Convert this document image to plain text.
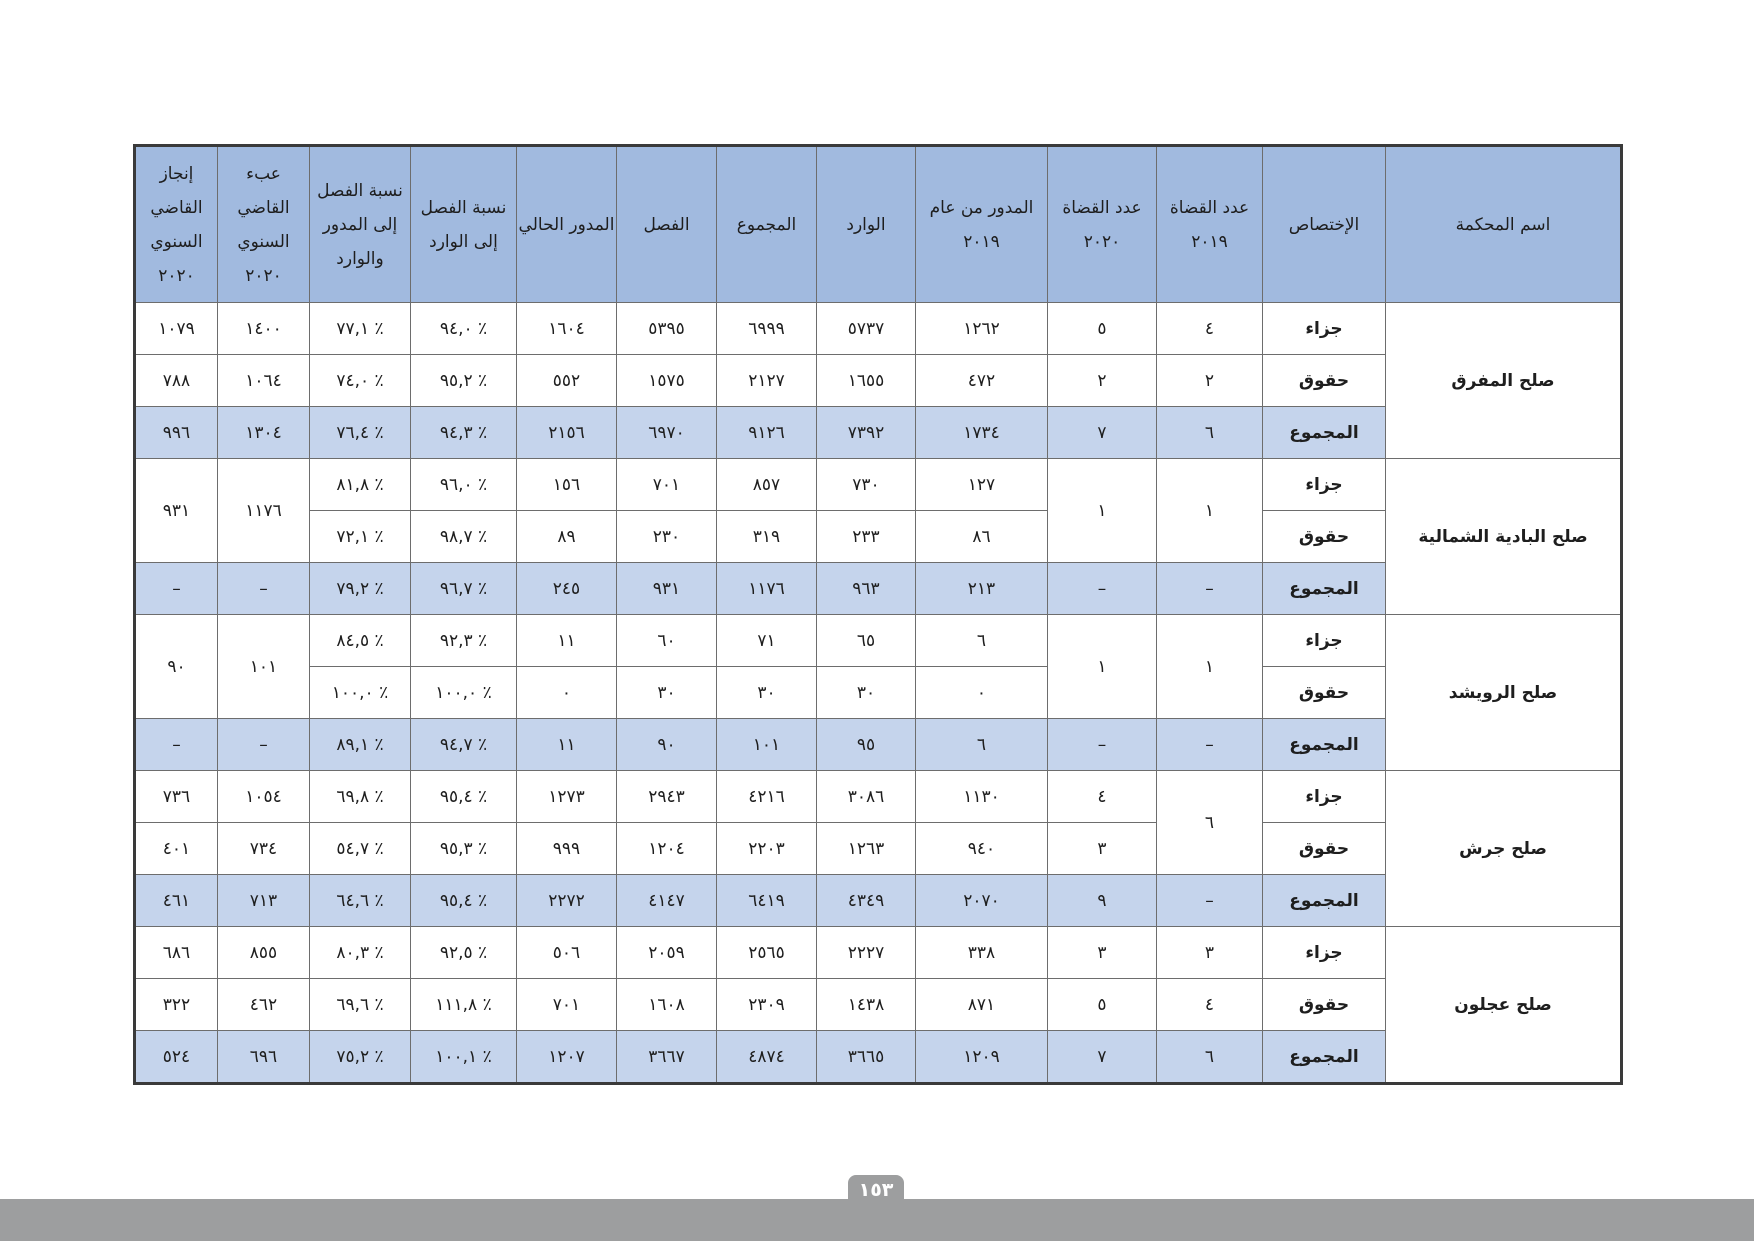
اسم المحكمة	الإختصاص	عدد القضاة ٢٠١٩	عدد القضاة ٢٠٢٠	المدور من عام ٢٠١٩	الوارد	المجموع	الفصل	المدور الحالي	نسبة الفصل إلى الوارد	نسبة الفصل إلى المدور والوارد	عبء القاضي السنوي ٢٠٢٠	إنجاز القاضي السنوي ٢٠٢٠
صلح المفرق	جزاء	٤	٥	١٢٦٢	٥٧٣٧	٦٩٩٩	٥٣٩٥	١٦٠٤	٪ ٩٤,٠	٪ ٧٧,١	١٤٠٠	١٠٧٩
	حقوق	٢	٢	٤٧٢	١٦٥٥	٢١٢٧	١٥٧٥	٥٥٢	٪ ٩٥,٢	٪ ٧٤,٠	١٠٦٤	٧٨٨
	المجموع	٦	٧	١٧٣٤	٧٣٩٢	٩١٢٦	٦٩٧٠	٢١٥٦	٪ ٩٤,٣	٪ ٧٦,٤	١٣٠٤	٩٩٦
صلح البادية الشمالية	جزاء	١	١	١٢٧	٧٣٠	٨٥٧	٧٠١	١٥٦	٪ ٩٦,٠	٪ ٨١,٨	١١٧٦	٩٣١
	حقوق			٨٦	٢٣٣	٣١٩	٢٣٠	٨٩	٪ ٩٨,٧	٪ ٧٢,١		
	المجموع	–	–	٢١٣	٩٦٣	١١٧٦	٩٣١	٢٤٥	٪ ٩٦,٧	٪ ٧٩,٢	–	–
صلح الرويشد	جزاء	١	١	٦	٦٥	٧١	٦٠	١١	٪ ٩٢,٣	٪ ٨٤,٥	١٠١	٩٠
	حقوق			٠	٣٠	٣٠	٣٠	٠	٪ ١٠٠,٠	٪ ١٠٠,٠		
	المجموع	–	–	٦	٩٥	١٠١	٩٠	١١	٪ ٩٤,٧	٪ ٨٩,١	–	–
صلح جرش	جزاء	٦	٤	١١٣٠	٣٠٨٦	٤٢١٦	٢٩٤٣	١٢٧٣	٪ ٩٥,٤	٪ ٦٩,٨	١٠٥٤	٧٣٦
	حقوق		٣	٩٤٠	١٢٦٣	٢٢٠٣	١٢٠٤	٩٩٩	٪ ٩٥,٣	٪ ٥٤,٧	٧٣٤	٤٠١
	المجموع	–	٩	٢٠٧٠	٤٣٤٩	٦٤١٩	٤١٤٧	٢٢٧٢	٪ ٩٥,٤	٪ ٦٤,٦	٧١٣	٤٦١
صلح عجلون	جزاء	٣	٣	٣٣٨	٢٢٢٧	٢٥٦٥	٢٠٥٩	٥٠٦	٪ ٩٢,٥	٪ ٨٠,٣	٨٥٥	٦٨٦
	حقوق	٤	٥	٨٧١	١٤٣٨	٢٣٠٩	١٦٠٨	٧٠١	٪ ١١١,٨	٪ ٦٩,٦	٤٦٢	٣٢٢
	المجموع	٦	٧	١٢٠٩	٣٦٦٥	٤٨٧٤	٣٦٦٧	١٢٠٧	٪ ١٠٠,١	٪ ٧٥,٢	٦٩٦	٥٢٤
١٥٣
